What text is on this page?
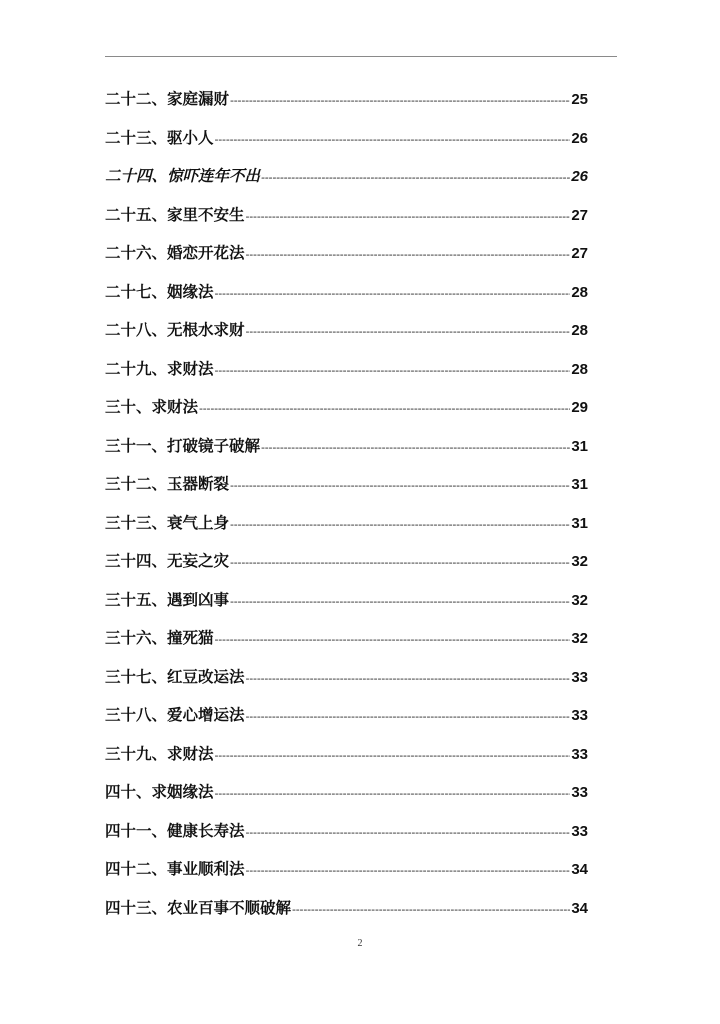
二十二、家庭漏财 -----	25
二十三、驱小人 -----	26
二十四、惊吓连年不出 -----	26
二十五、家里不安生 -----	27
二十六、婚恋开花法 -----	27
二十七、姻缘法 -----	28
二十八、无根水求财 -----	28
二十九、求财法 -----	28
三十、求财法 -----	29
三十一、打破镜子破解 -----	31
三十二、玉器断裂 -----	31
三十三、衰气上身 -----	31
三十四、无妄之灾 -----	32
三十五、遇到凶事 -----	32
三十六、撞死猫 -----	32
三十七、红豆改运法 -----	33
三十八、爱心增运法 -----	33
三十九、求财法 -----	33
四十、求姻缘法 -----	33
四十一、健康长寿法 -----	33
四十二、事业顺利法 -----	34
四十三、农业百事不顺破解 -----	34
2
